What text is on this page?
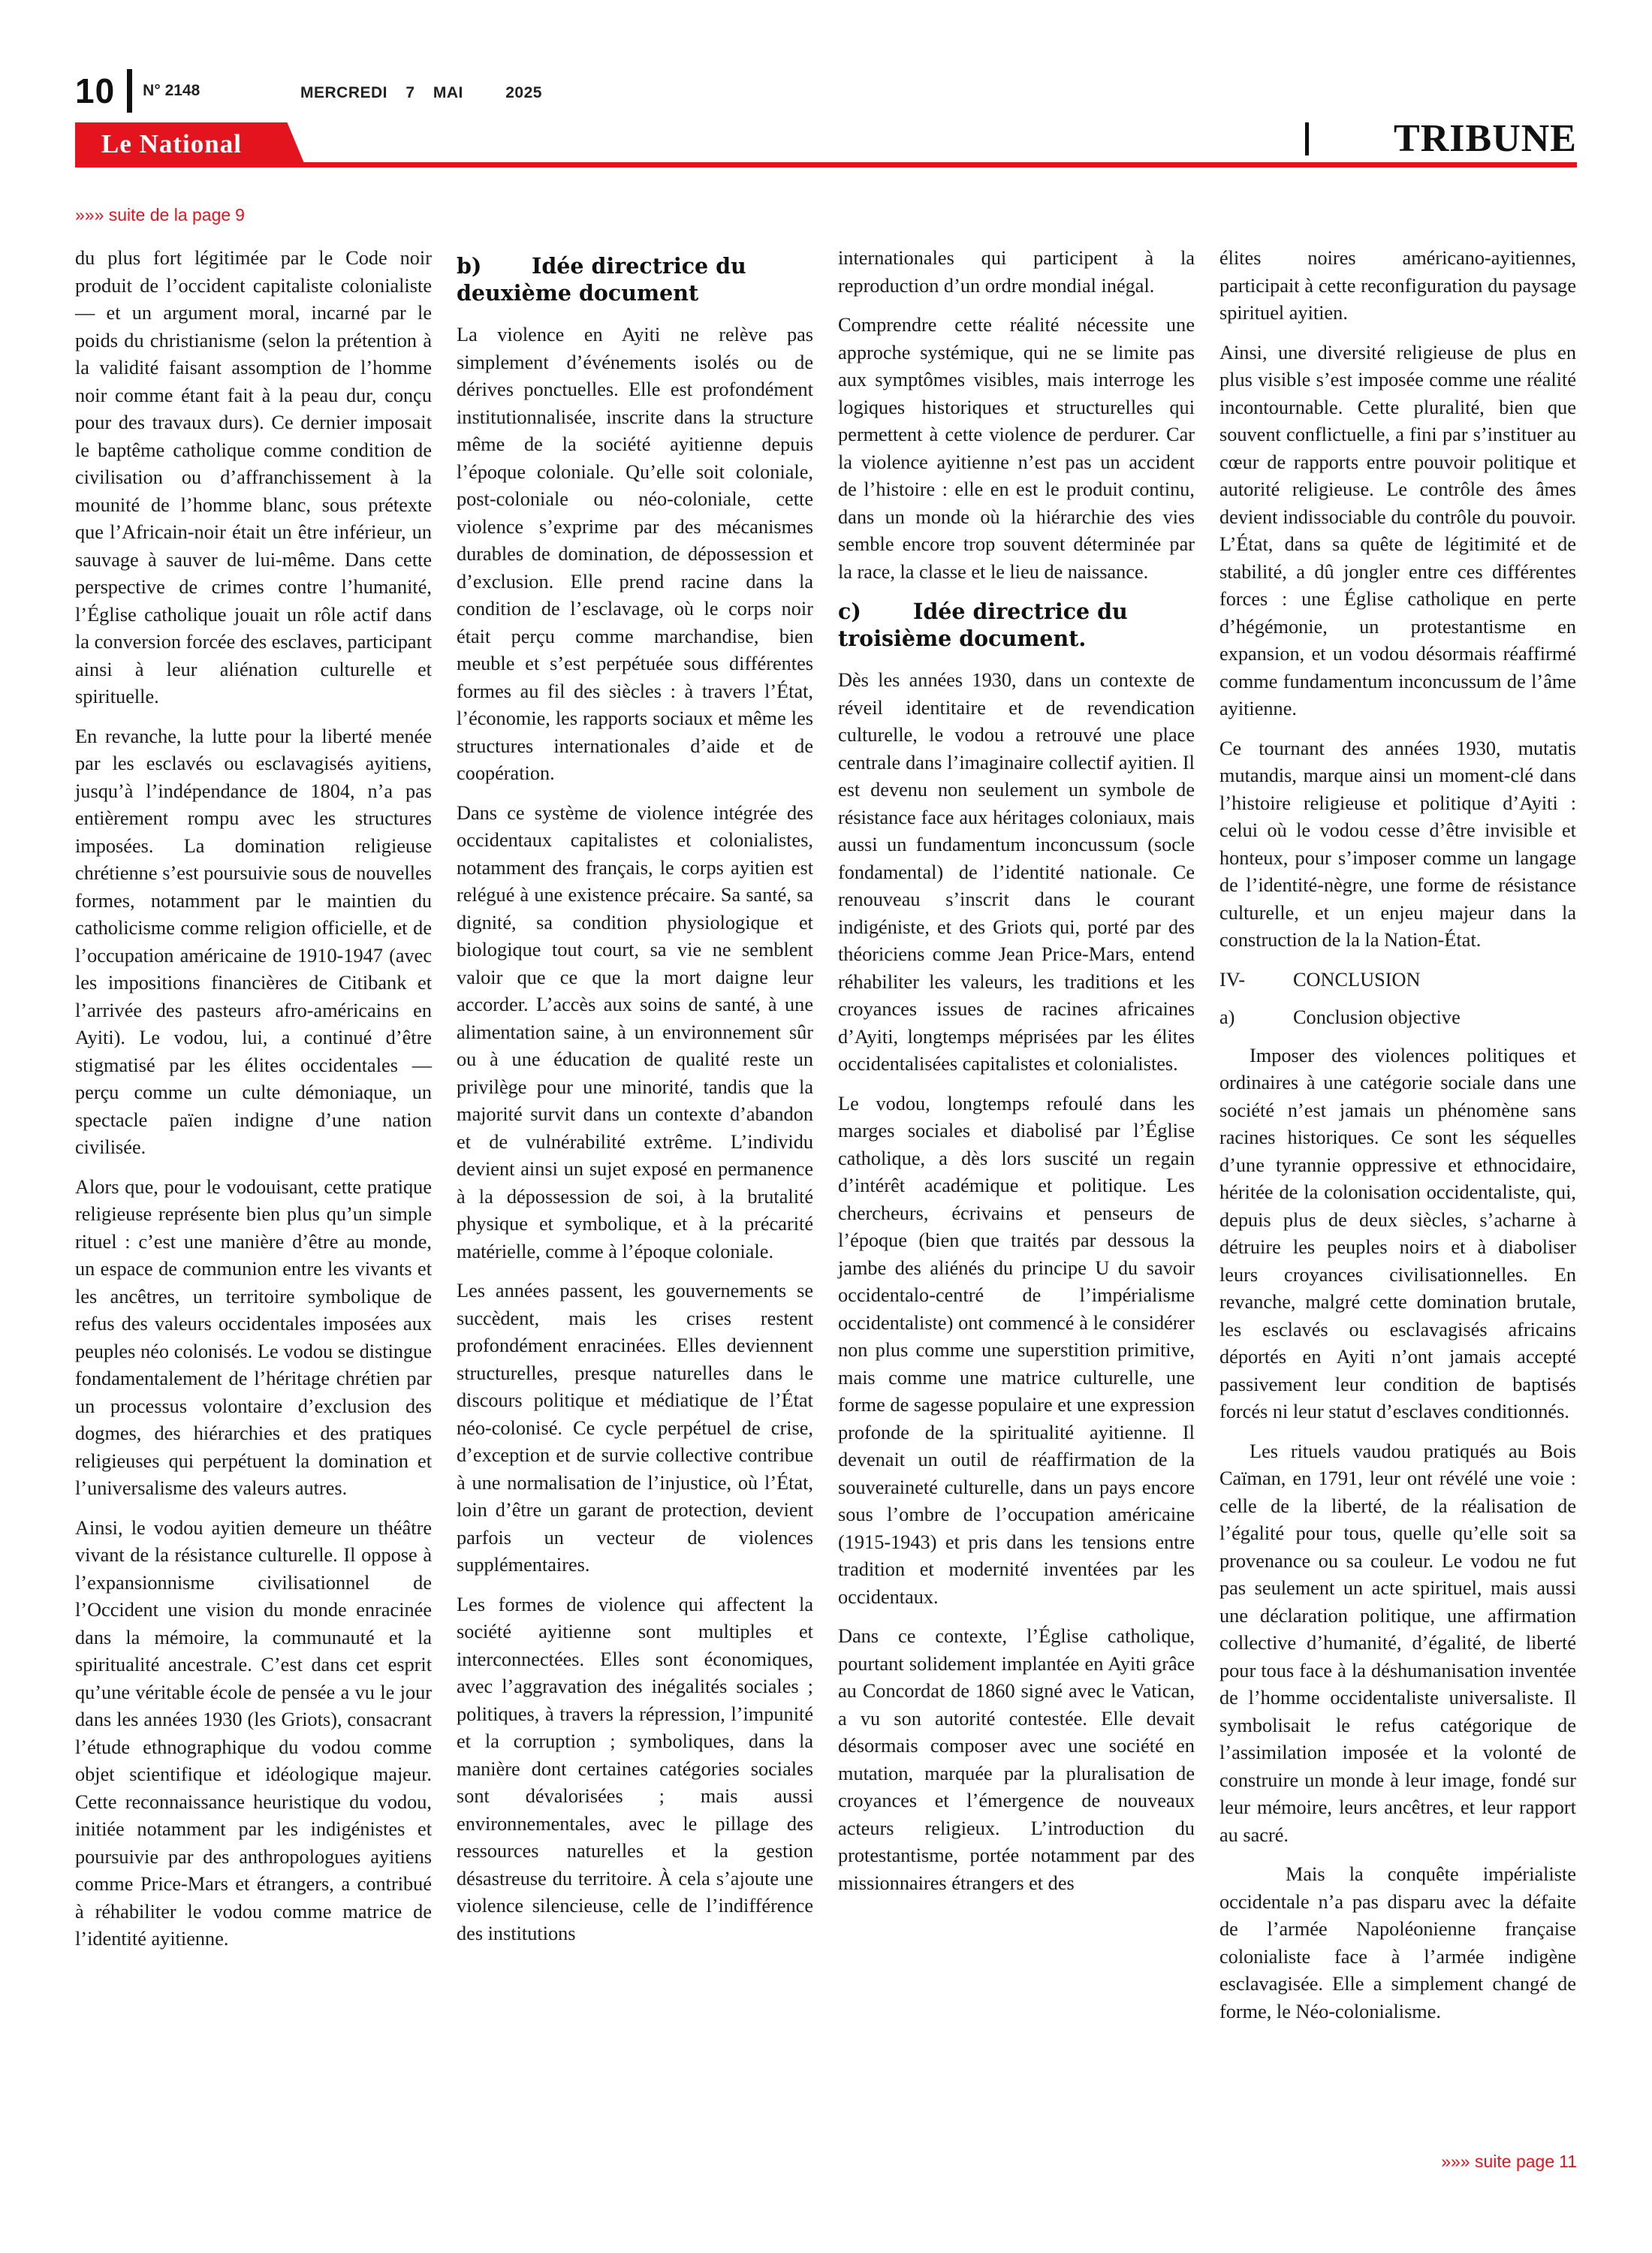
10 N° 2148	MERCREDI 7 MAI	2025
Le National	TRIBUNE
»»» suite de la page 9

du plus fort légitimée par le Code noir produit de l’occident capitaliste colonialiste — et un argument moral, incarné par le poids du christianisme (selon la prétention à la validité faisant assomption de l’homme noir comme étant fait à la peau dur, conçu pour des travaux durs). Ce dernier imposait le baptême catholique comme condition de civilisation ou d’affranchissement à la mounité de l’homme blanc, sous prétexte que l’Africain-noir était un être inférieur, un sauvage à sauver de lui-même. Dans cette perspective de crimes contre l’humanité, l’Église catholique jouait un rôle actif dans la conversion forcée des esclaves, participant ainsi à leur aliénation culturelle et spirituelle.

En revanche, la lutte pour la liberté menée par les esclavés ou esclavagisés ayitiens, jusqu’à l’indépendance de 1804, n’a pas entièrement rompu avec les structures imposées. La domination religieuse chrétienne s’est poursuivie sous de nouvelles formes, notamment par le maintien du catholicisme comme religion officielle, et de l’occupation américaine de 1910-1947 (avec les impositions financières de Citibank et l’arrivée des pasteurs afro-américains en Ayiti). Le vodou, lui, a continué d’être stigmatisé par les élites occidentales — perçu comme un culte démoniaque, un spectacle païen indigne d’une nation civilisée.

Alors que, pour le vodouisant, cette pratique religieuse représente bien plus qu’un simple rituel : c’est une manière d’être au monde, un espace de communion entre les vivants et les ancêtres, un territoire symbolique de refus des valeurs occidentales imposées aux peuples néo colonisés. Le vodou se distingue fondamentalement de l’héritage chrétien par un processus volontaire d’exclusion des dogmes, des hiérarchies et des pratiques religieuses qui perpétuent la domination et l’universalisme des valeurs autres.

Ainsi, le vodou ayitien demeure un théâtre vivant de la résistance culturelle. Il oppose à l’expansionnisme civilisationnel de l’Occident une vision du monde enracinée dans la mémoire, la communauté et la spiritualité ancestrale. C’est dans cet esprit qu’une véritable école de pensée a vu le jour dans les années 1930 (les Griots), consacrant l’étude ethnographique du vodou comme objet scientifique et idéologique majeur. Cette reconnaissance heuristique du vodou, initiée notamment par les indigénistes et poursuivie par des anthropologues ayitiens comme Price-Mars et étrangers, a contribué à réhabiliter le vodou comme matrice de l’identité ayitienne.

b) Idée directrice du deuxième document

La violence en Ayiti ne relève pas simplement d’événements isolés ou de dérives ponctuelles. Elle est profondément institutionnalisée, inscrite dans la structure même de la société ayitienne depuis l’époque coloniale. Qu’elle soit coloniale, post-coloniale ou néo-coloniale, cette violence s’exprime par des mécanismes durables de domination, de dépossession et d’exclusion. Elle prend racine dans la condition de l’esclavage, où le corps noir était perçu comme marchandise, bien meuble et s’est perpétuée sous différentes formes au fil des siècles : à travers l’État, l’économie, les rapports sociaux et même les structures internationales d’aide et de coopération.

Dans ce système de violence intégrée des occidentaux capitalistes et colonialistes, notamment des français, le corps ayitien est relégué à une existence précaire. Sa santé, sa dignité, sa condition physiologique et biologique tout court, sa vie ne semblent valoir que ce que la mort daigne leur accorder. L’accès aux soins de santé, à une alimentation saine, à un environnement sûr ou à une éducation de qualité reste un privilège pour une minorité, tandis que la majorité survit dans un contexte d’abandon et de vulnérabilité extrême. L’individu devient ainsi un sujet exposé en permanence à la dépossession de soi, à la brutalité physique et symbolique, et à la précarité matérielle, comme à l’époque coloniale.

Les années passent, les gouvernements se succèdent, mais les crises restent profondément enracinées. Elles deviennent structurelles, presque naturelles dans le discours politique et médiatique de l’État néo-colonisé. Ce cycle perpétuel de crise, d’exception et de survie collective contribue à une normalisation de l’injustice, où l’État, loin d’être un garant de protection, devient parfois un vecteur de violences supplémentaires.

Les formes de violence qui affectent la société ayitienne sont multiples et interconnectées. Elles sont économiques, avec l’aggravation des inégalités sociales ; politiques, à travers la répression, l’impunité et la corruption ; symboliques, dans la manière dont certaines catégories sociales sont dévalorisées ; mais aussi environnementales, avec le pillage des ressources naturelles et la gestion désastreuse du territoire. À cela s’ajoute une violence silencieuse, celle de l’indifférence des institutions

internationales qui participent à la reproduction d’un ordre mondial inégal.

Comprendre cette réalité nécessite une approche systémique, qui ne se limite pas aux symptômes visibles, mais interroge les logiques historiques et structurelles qui permettent à cette violence de perdurer. Car la violence ayitienne n’est pas un accident de l’histoire : elle en est le produit continu, dans un monde où la hiérarchie des vies semble encore trop souvent déterminée par la race, la classe et le lieu de naissance.

c) Idée directrice du troisième document.

Dès les années 1930, dans un contexte de réveil identitaire et de revendication culturelle, le vodou a retrouvé une place centrale dans l’imaginaire collectif ayitien. Il est devenu non seulement un symbole de résistance face aux héritages coloniaux, mais aussi un fundamentum inconcussum (socle fondamental) de l’identité nationale. Ce renouveau s’inscrit dans le courant indigéniste, et des Griots qui, porté par des théoriciens comme Jean Price-Mars, entend réhabiliter les valeurs, les traditions et les croyances issues de racines africaines d’Ayiti, longtemps méprisées par les élites occidentalisées capitalistes et colonialistes.

Le vodou, longtemps refoulé dans les marges sociales et diabolisé par l’Église catholique, a dès lors suscité un regain d’intérêt académique et politique. Les chercheurs, écrivains et penseurs de l’époque (bien que traités par dessous la jambe des aliénés du principe U du savoir occidentalo-centré de l’impérialisme occidentaliste) ont commencé à le considérer non plus comme une superstition primitive, mais comme une matrice culturelle, une forme de sagesse populaire et une expression profonde de la spiritualité ayitienne. Il devenait un outil de réaffirmation de la souveraineté culturelle, dans un pays encore sous l’ombre de l’occupation américaine (1915-1943) et pris dans les tensions entre tradition et modernité inventées par les occidentaux.

Dans ce contexte, l’Église catholique, pourtant solidement implantée en Ayiti grâce au Concordat de 1860 signé avec le Vatican, a vu son autorité contestée. Elle devait désormais composer avec une société en mutation, marquée par la pluralisation de croyances et l’émergence de nouveaux acteurs religieux. L’introduction du protestantisme, portée notamment par des missionnaires étrangers et des

élites noires américano-ayitiennes, participait à cette reconfiguration du paysage spirituel ayitien.

Ainsi, une diversité religieuse de plus en plus visible s’est imposée comme une réalité incontournable. Cette pluralité, bien que souvent conflictuelle, a fini par s’instituer au cœur de rapports entre pouvoir politique et autorité religieuse. Le contrôle des âmes devient indissociable du contrôle du pouvoir. L’État, dans sa quête de légitimité et de stabilité, a dû jongler entre ces différentes forces : une Église catholique en perte d’hégémonie, un protestantisme en expansion, et un vodou désormais réaffirmé comme fundamentum inconcussum de l’âme ayitienne.

Ce tournant des années 1930, mutatis mutandis, marque ainsi un moment-clé dans l’histoire religieuse et politique d’Ayiti : celui où le vodou cesse d’être invisible et honteux, pour s’imposer comme un langage de l’identité-nègre, une forme de résistance culturelle, et un enjeu majeur dans la construction de la la Nation-État.

IV- CONCLUSION

a)	Conclusion objective

Imposer des violences politiques et ordinaires à une catégorie sociale dans une société n’est jamais un phénomène sans racines historiques. Ce sont les séquelles d’une tyrannie oppressive et ethnocidaire, héritée de la colonisation occidentaliste, qui, depuis plus de deux siècles, s’acharne à détruire les peuples noirs et à diaboliser leurs croyances civilisationnelles. En revanche, malgré cette domination brutale, les esclavés ou esclavagisés africains déportés en Ayiti n’ont jamais accepté passivement leur condition de baptisés forcés ni leur statut d’esclaves conditionnés.

Les rituels vaudou pratiqués au Bois Caïman, en 1791, leur ont révélé une voie : celle de la liberté, de la réalisation de l’égalité pour tous, quelle qu’elle soit sa provenance ou sa couleur. Le vodou ne fut pas seulement un acte spirituel, mais aussi une déclaration politique, une affirmation collective d’humanité, d’égalité, de liberté pour tous face à la déshumanisation inventée de l’homme occidentaliste universaliste. Il symbolisait le refus catégorique de l’assimilation imposée et la volonté de construire un monde à leur image, fondé sur leur mémoire, leurs ancêtres, et leur rapport au sacré.

Mais la conquête impérialiste occidentale n’a pas disparu avec la défaite de l’armée Napoléonienne française colonialiste face à l’armée indigène esclavagisée. Elle a simplement changé de forme, le Néo-colonialisme.

»»» suite page 11
